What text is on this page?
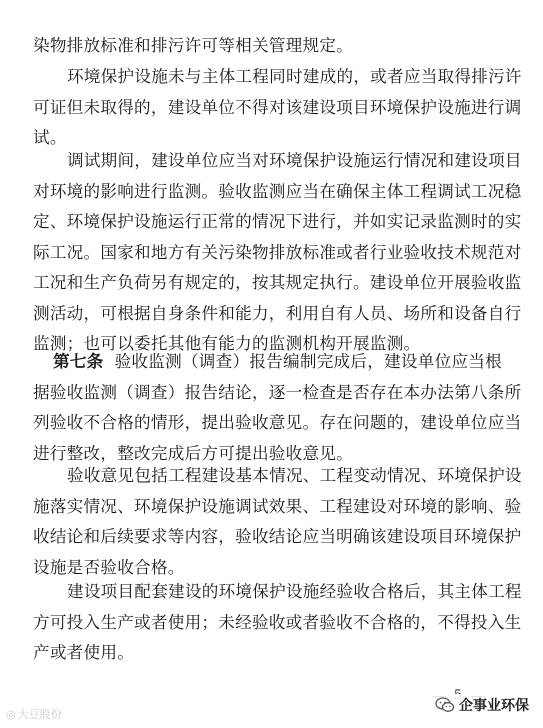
染物排放标准和排污许可等相关管理规定。

环境保护设施未与主体工程同时建成的，或者应当取得排污许
可证但未取得的，建设单位不得对该建设项目环境保护设施进行调
试。

调试期间，建设单位应当对环境保护设施运行情况和建设项目
对环境的影响进行监测。验收监测应当在确保主体工程调试工况稳
定、环境保护设施运行正常的情况下进行，并如实记录监测时的实
际工况。国家和地方有关污染物排放标准或者行业验收技术规范对
工况和生产负荷另有规定的，按其规定执行。建设单位开展验收监
测活动，可根据自身条件和能力，利用自有人员、场所和设备自行
监测；也可以委托其他有能力的监测机构开展监测。

第七条 验收监测（调查）报告编制完成后，建设单位应当根
据验收监测（调查）报告结论，逐一检查是否存在本办法第八条所
列验收不合格的情形，提出验收意见。存在问题的，建设单位应当
进行整改，整改完成后方可提出验收意见。

验收意见包括工程建设基本情况、工程变动情况、环境保护设
施落实情况、环境保护设施调试效果、工程建设对环境的影响、验
收结论和后续要求等内容，验收结论应当明确该建设项目环境保护
设施是否验收合格。

建设项目配套建设的环境保护设施经验收合格后，其主体工程
方可投入生产或者使用；未经验收或者验收不合格的，不得投入生
产或者使用。

◎ 大豆股份
企事业环保
